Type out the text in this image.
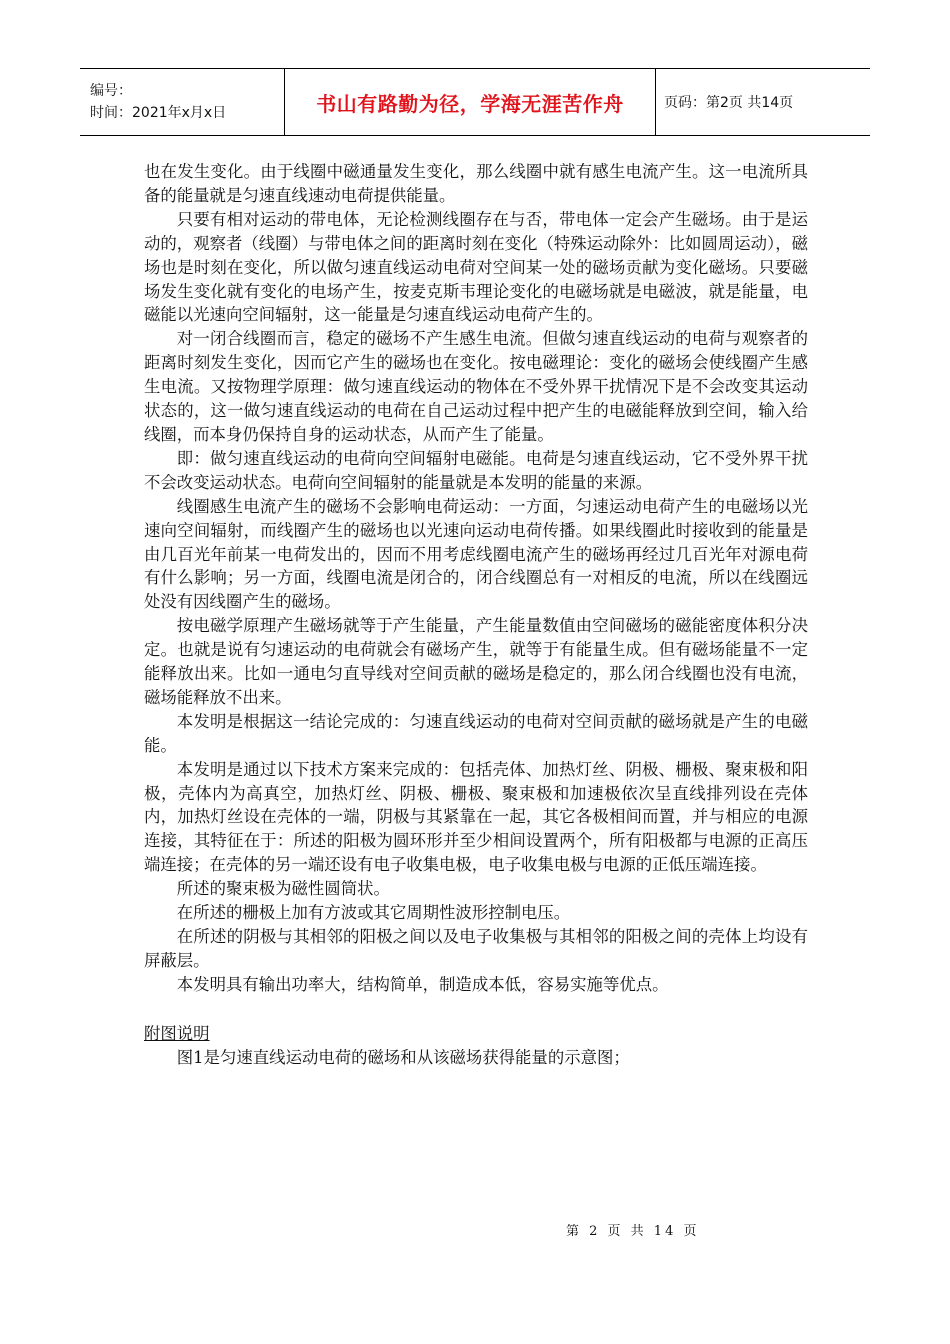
编号：
时间：2021年x月x日	书山有路勤为径，学海无涯苦作舟	页码：第2页 共14页

也在发生变化。由于线圈中磁通量发生变化，那么线圈中就有感生电流产生。这一电流所具备的能量就是匀速直线速动电荷提供能量。

只要有相对运动的带电体，无论检测线圈存在与否，带电体一定会产生磁场。由于是运动的，观察者（线圈）与带电体之间的距离时刻在变化（特殊运动除外：比如圆周运动），磁场也是时刻在变化，所以做匀速直线运动电荷对空间某一处的磁场贡献为变化磁场。只要磁场发生变化就有变化的电场产生，按麦克斯韦理论变化的电磁场就是电磁波，就是能量，电磁能以光速向空间辐射，这一能量是匀速直线运动电荷产生的。

对一闭合线圈而言，稳定的磁场不产生感生电流。但做匀速直线运动的电荷与观察者的距离时刻发生变化，因而它产生的磁场也在变化。按电磁理论：变化的磁场会使线圈产生感生电流。又按物理学原理：做匀速直线运动的物体在不受外界干扰情况下是不会改变其运动状态的，这一做匀速直线运动的电荷在自己运动过程中把产生的电磁能释放到空间，输入给线圈，而本身仍保持自身的运动状态，从而产生了能量。

即：做匀速直线运动的电荷向空间辐射电磁能。电荷是匀速直线运动，它不受外界干扰不会改变运动状态。电荷向空间辐射的能量就是本发明的能量的来源。

线圈感生电流产生的磁场不会影响电荷运动：一方面，匀速运动电荷产生的电磁场以光速向空间辐射，而线圈产生的磁场也以光速向运动电荷传播。如果线圈此时接收到的能量是由几百光年前某一电荷发出的，因而不用考虑线圈电流产生的磁场再经过几百光年对源电荷有什么影响；另一方面，线圈电流是闭合的，闭合线圈总有一对相反的电流，所以在线圈远处没有因线圈产生的磁场。

按电磁学原理产生磁场就等于产生能量，产生能量数值由空间磁场的磁能密度体积分决定。也就是说有匀速运动的电荷就会有磁场产生，就等于有能量生成。但有磁场能量不一定能释放出来。比如一通电匀直导线对空间贡献的磁场是稳定的，那么闭合线圈也没有电流，磁场能释放不出来。

本发明是根据这一结论完成的：匀速直线运动的电荷对空间贡献的磁场就是产生的电磁能。

本发明是通过以下技术方案来完成的：包括壳体、加热灯丝、阴极、栅极、聚束极和阳极，壳体内为高真空，加热灯丝、阴极、栅极、聚束极和加速极依次呈直线排列设在壳体内，加热灯丝设在壳体的一端，阴极与其紧靠在一起，其它各极相间而置，并与相应的电源连接，其特征在于：所述的阳极为圆环形并至少相间设置两个，所有阳极都与电源的正高压端连接；在壳体的另一端还设有电子收集电极，电子收集电极与电源的正低压端连接。

所述的聚束极为磁性圆筒状。

在所述的栅极上加有方波或其它周期性波形控制电压。

在所述的阴极与其相邻的阳极之间以及电子收集极与其相邻的阳极之间的壳体上均设有屏蔽层。

本发明具有输出功率大，结构简单，制造成本低，容易实施等优点。

附图说明

图1是匀速直线运动电荷的磁场和从该磁场获得能量的示意图；

第 2 页 共 14 页
